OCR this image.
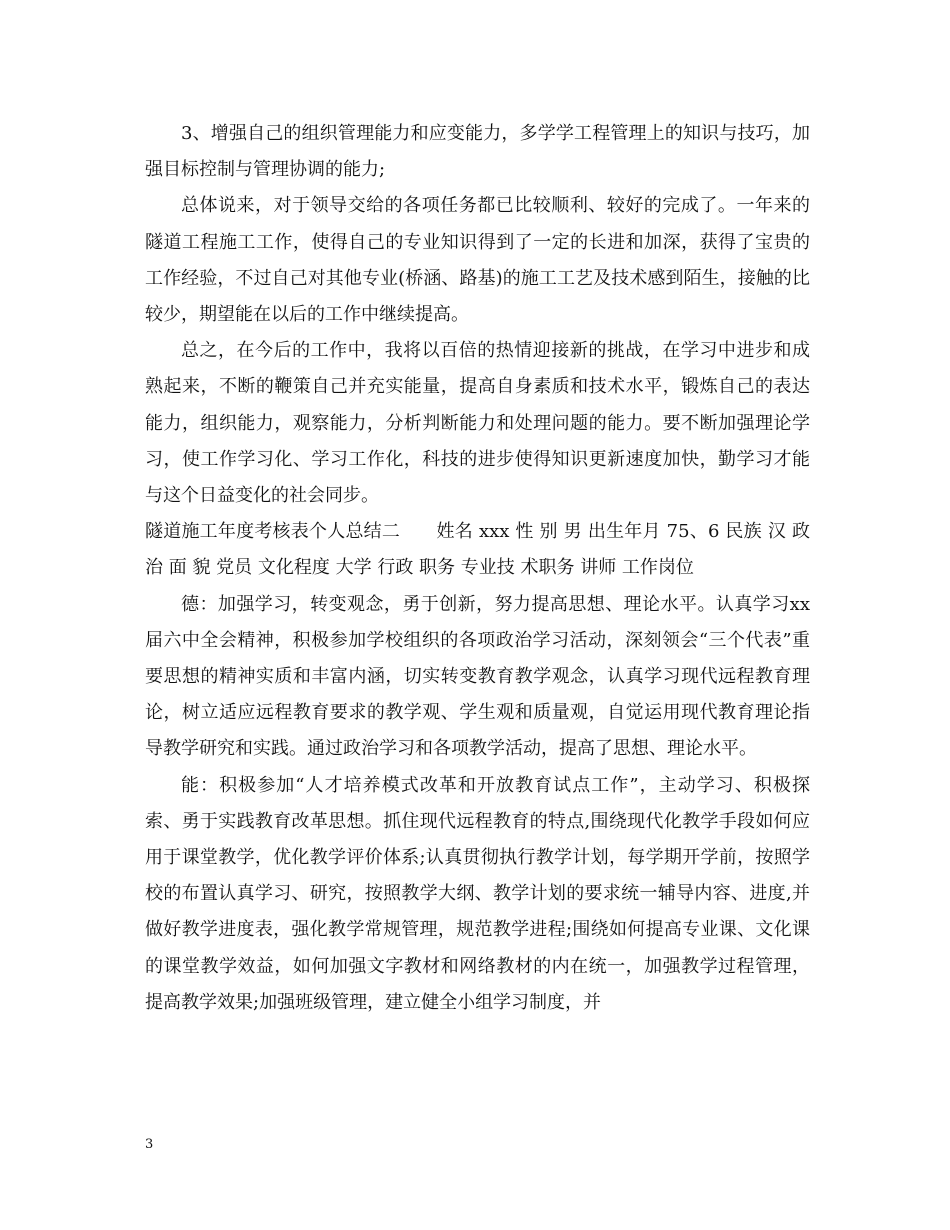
3、增强自己的组织管理能力和应变能力，多学学工程管理上的知识与技巧，加强目标控制与管理协调的能力;

总体说来，对于领导交给的各项任务都已比较顺利、较好的完成了。一年来的隧道工程施工工作，使得自己的专业知识得到了一定的长进和加深，获得了宝贵的工作经验，不过自己对其他专业(桥涵、路基)的施工工艺及技术感到陌生，接触的比较少，期望能在以后的工作中继续提高。

总之，在今后的工作中，我将以百倍的热情迎接新的挑战，在学习中进步和成熟起来，不断的鞭策自己并充实能量，提高自身素质和技术水平，锻炼自己的表达能力，组织能力，观察能力，分析判断能力和处理问题的能力。要不断加强理论学习，使工作学习化、学习工作化，科技的进步使得知识更新速度加快，勤学习才能与这个日益变化的社会同步。

隧道施工年度考核表个人总结二　　姓名 xxx 性 别 男 出生年月 75、6 民族 汉 政 治 面 貌 党员 文化程度 大学 行政 职务 专业技 术职务 讲师 工作岗位

德：加强学习，转变观念，勇于创新，努力提高思想、理论水平。认真学习xx届六中全会精神，积极参加学校组织的各项政治学习活动，深刻领会“三个代表”重要思想的精神实质和丰富内涵，切实转变教育教学观念，认真学习现代远程教育理论，树立适应远程教育要求的教学观、学生观和质量观，自觉运用现代教育理论指导教学研究和实践。通过政治学习和各项教学活动，提高了思想、理论水平。

能：积极参加“人才培养模式改革和开放教育试点工作”，主动学习、积极探索、勇于实践教育改革思想。抓住现代远程教育的特点,围绕现代化教学手段如何应用于课堂教学，优化教学评价体系;认真贯彻执行教学计划，每学期开学前，按照学校的布置认真学习、研究，按照教学大纲、教学计划的要求统一辅导内容、进度,并做好教学进度表，强化教学常规管理，规范教学进程;围绕如何提高专业课、文化课的课堂教学效益，如何加强文字教材和网络教材的内在统一，加强教学过程管理，提高教学效果;加强班级管理，建立健全小组学习制度，并

3
